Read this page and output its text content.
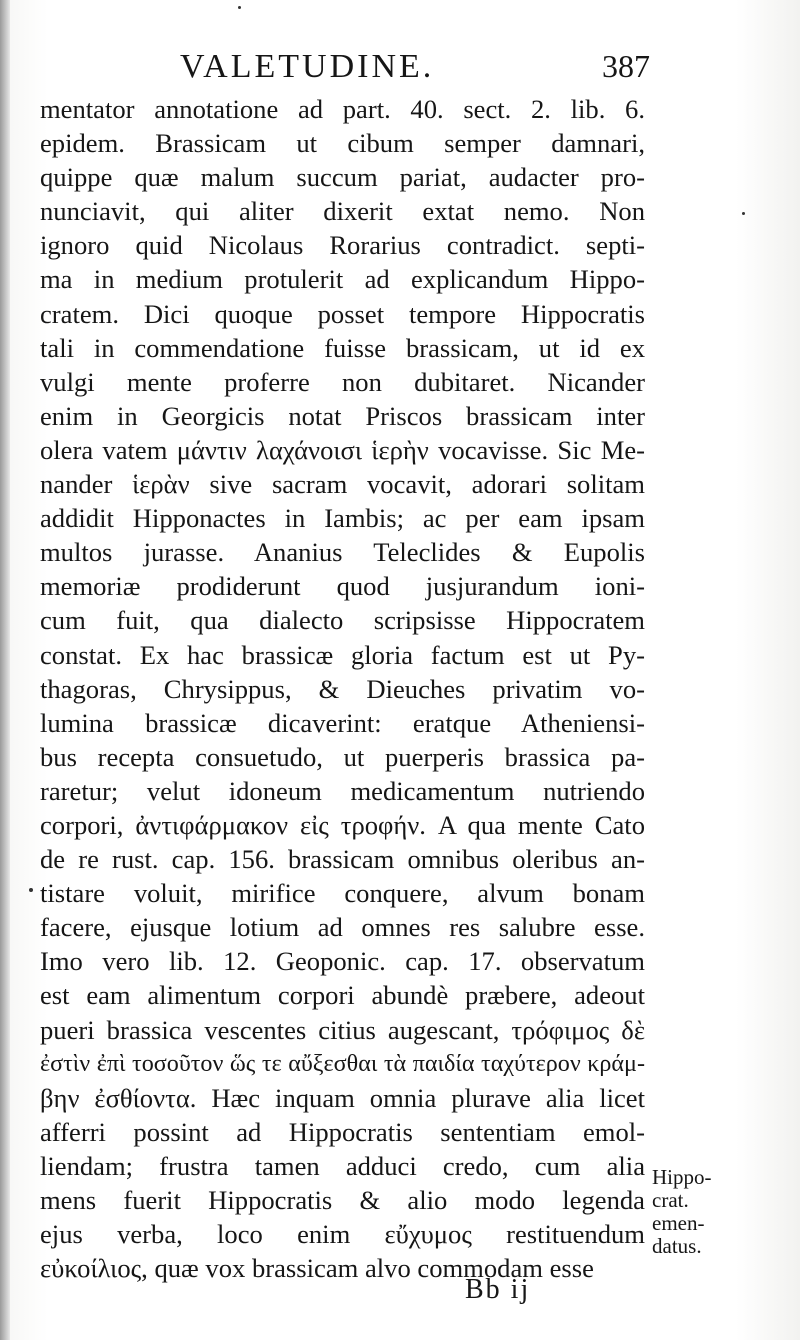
VALETUDINE.	387
mentator annotatione ad part. 40. sect. 2. lib. 6.
epidem. Brassicam ut cibum semper damnari,
quippe quæ malum succum pariat, audacter pro-
nunciavit, qui aliter dixerit extat nemo. Non
ignoro quid Nicolaus Rorarius contradict. septi-
ma in medium protulerit ad explicandum Hippo-
cratem. Dici quoque posset tempore Hippocratis
tali in commendatione fuisse brassicam, ut id ex
vulgi mente proferre non dubitaret. Nicander
enim in Georgicis notat Priscos brassicam inter
olera vatem μάντιν λαχάνοισι ἱερὴν vocavisse. Sic Me-
nander ἱερὰν sive sacram vocavit, adorari solitam
addidit Hipponactes in Iambis; ac per eam ipsam
multos jurasse. Ananius Teleclides & Eupolis
memoriæ prodiderunt quod jusjurandum ioni-
cum fuit, qua dialecto scripsisse Hippocratem
constat. Ex hac brassicæ gloria factum est ut Py-
thagoras, Chrysippus, & Dieuches privatim vo-
lumina brassicæ dicaverint: eratque Atheniensi-
bus recepta consuetudo, ut puerperis brassica pa-
raretur; velut idoneum medicamentum nutriendo
corpori, ἀντιφάρμακον εἰς τροφήν. A qua mente Cato
de re rust. cap. 156. brassicam omnibus oleribus an-
tistare voluit, mirifice conquere, alvum bonam
facere, ejusque lotium ad omnes res salubre esse.
Imo vero lib. 12. Geoponic. cap. 17. observatum
est eam alimentum corpori abundè præbere, adeout
pueri brassica vescentes citius augescant, τρόφιμος δὲ
ἐστὶν ἐπὶ τοσοῦτον ὥς τε αὔξεσθαι τὰ παιδία ταχύτερον κράμ-
βην ἐσθίοντα. Hæc inquam omnia plurave alia licet
afferri possint ad Hippocratis sententiam emol-
liendam; frustra tamen adduci credo, cum alia
mens fuerit Hippocratis & alio modo legenda
ejus verba, loco enim εὔχυμος restituendum
εὐκοίλιος, quæ vox brassicam alvo commodam esse
Hippo-
crat.
emen-
datus.
Bb ij
